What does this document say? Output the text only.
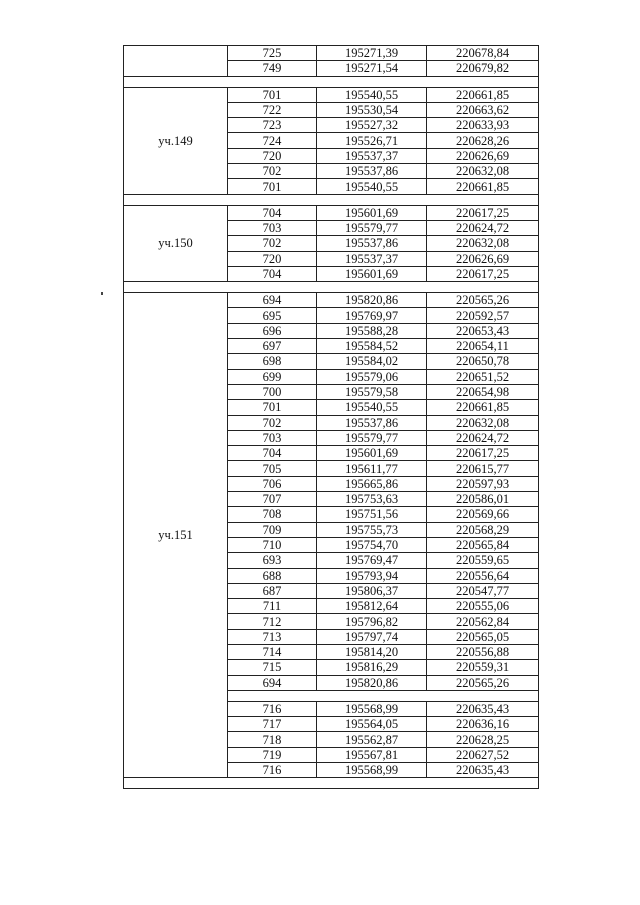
	725	195271,39	220678,84
	749	195271,54	220679,82

уч.149	701	195540,55	220661,85
	722	195530,54	220663,62
	723	195527,32	220633,93
	724	195526,71	220628,26
	720	195537,37	220626,69
	702	195537,86	220632,08
	701	195540,55	220661,85

уч.150	704	195601,69	220617,25
	703	195579,77	220624,72
	702	195537,86	220632,08
	720	195537,37	220626,69
	704	195601,69	220617,25

уч.151	694	195820,86	220565,26
	695	195769,97	220592,57
	696	195588,28	220653,43
	697	195584,52	220654,11
	698	195584,02	220650,78
	699	195579,06	220651,52
	700	195579,58	220654,98
	701	195540,55	220661,85
	702	195537,86	220632,08
	703	195579,77	220624,72
	704	195601,69	220617,25
	705	195611,77	220615,77
	706	195665,86	220597,93
	707	195753,63	220586,01
	708	195751,56	220569,66
	709	195755,73	220568,29
	710	195754,70	220565,84
	693	195769,47	220559,65
	688	195793,94	220556,64
	687	195806,37	220547,77
	711	195812,64	220555,06
	712	195796,82	220562,84
	713	195797,74	220565,05
	714	195814,20	220556,88
	715	195816,29	220559,31
	694	195820,86	220565,26

	716	195568,99	220635,43
	717	195564,05	220636,16
	718	195562,87	220628,25
	719	195567,81	220627,52
	716	195568,99	220635,43
